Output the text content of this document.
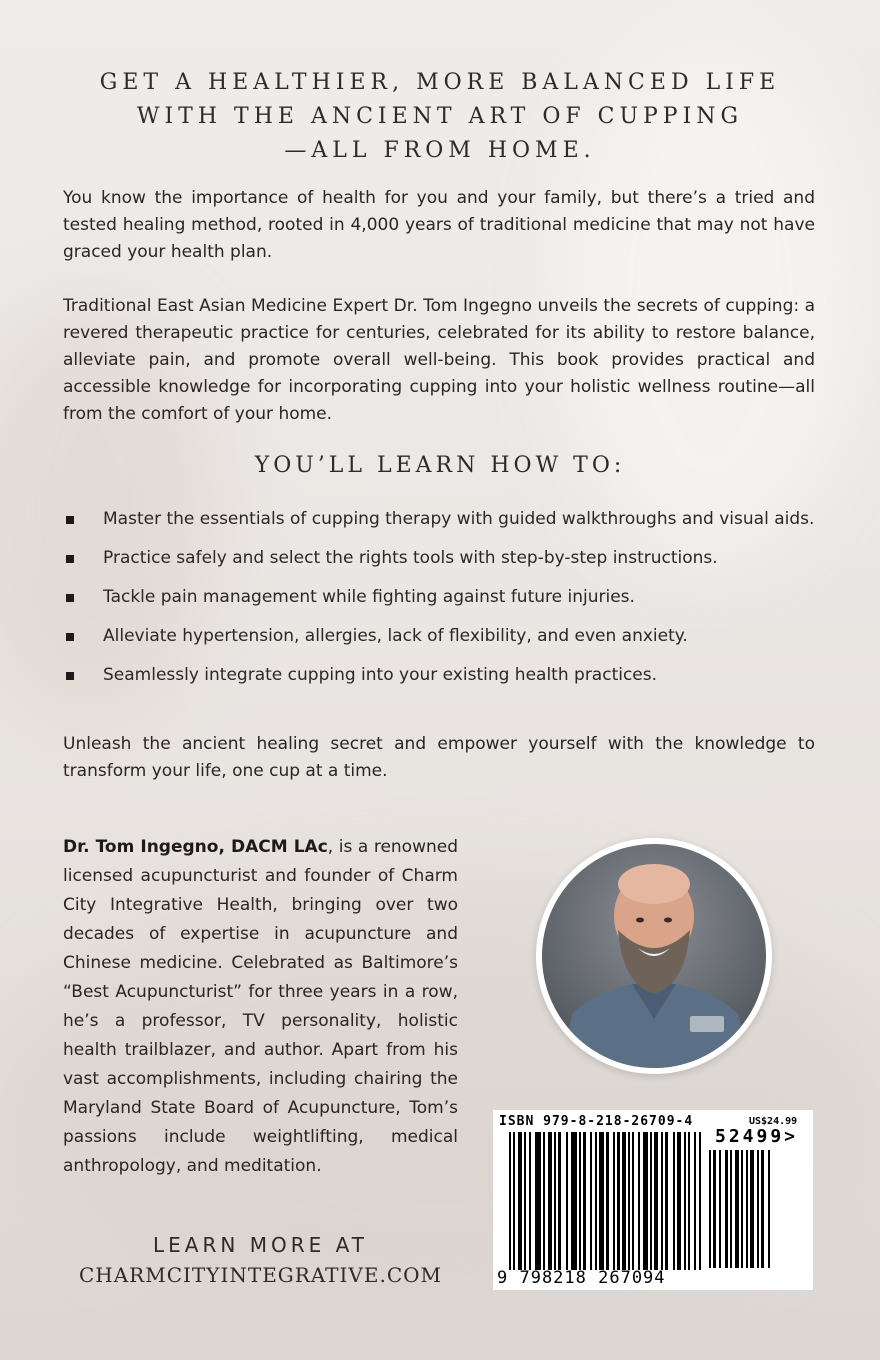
GET A HEALTHIER, MORE BALANCED LIFE
WITH THE ANCIENT ART OF CUPPING
—ALL FROM HOME.
You know the importance of health for you and your family, but there’s a tried and tested healing method, rooted in 4,000 years of traditional medicine that may not have graced your health plan.
Traditional East Asian Medicine Expert Dr. Tom Ingegno unveils the secrets of cupping: a revered therapeutic practice for centuries, celebrated for its ability to restore balance, alleviate pain, and promote overall well-being. This book provides practical and accessible knowledge for incorporating cupping into your holistic wellness routine—all from the comfort of your home.
YOU’LL LEARN HOW TO:
Master the essentials of cupping therapy with guided walkthroughs and visual aids.
Practice safely and select the rights tools with step-by-step instructions.
Tackle pain management while fighting against future injuries.
Alleviate hypertension, allergies, lack of flexibility, and even anxiety.
Seamlessly integrate cupping into your existing health practices.
Unleash the ancient healing secret and empower yourself with the knowledge to transform your life, one cup at a time.
Dr. Tom Ingegno, DACM LAc, is a renowned licensed acupuncturist and founder of Charm City Integrative Health, bringing over two decades of expertise in acupuncture and Chinese medicine. Celebrated as Baltimore’s “Best Acupuncturist” for three years in a row, he’s a professor, TV personality, holistic health trailblazer, and author. Apart from his vast accomplishments, including chairing the Maryland State Board of Acupuncture, Tom’s passions include weightlifting, medical anthropology, and meditation.
LEARN MORE AT
CHARMCITYINTEGRATIVE.COM
ISBN 979-8-218-26709-4	US$24.99
52499>
9 798218 267094
